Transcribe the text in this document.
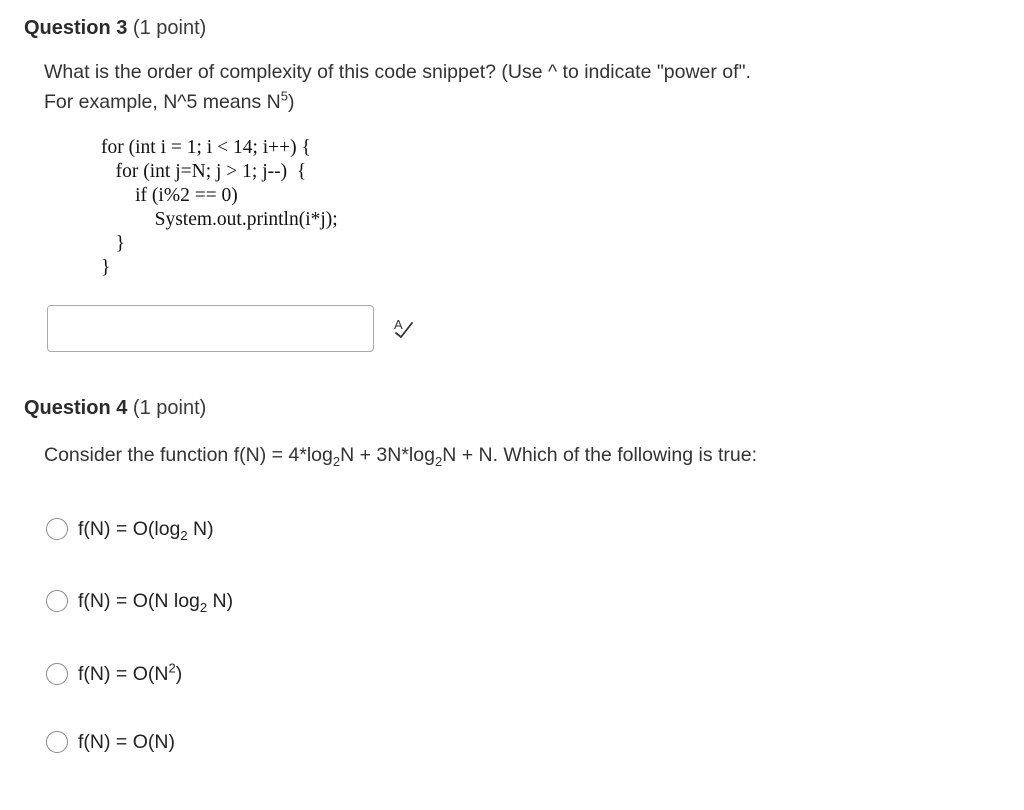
Question 3 (1 point)
What is the order of complexity of this code snippet? (Use ^ to indicate "power of".
For example, N^5 means $N^5$)
for (int i = 1; i < 14; i++) {
for (int j=N; j > 1; j--)  {
if (i%2 == 0)
System.out.println(i*j);
}
}
A
Question 4 (1 point)
Consider the function $f(N) = 4*\log_2N + 3N*\log_2N + N$. Which of the following is true:
$f(N) = O(\log_2$ N)
f(N) = O(N $\log_2 N$)
$f(N) = O(N^2)$
f(N) = O(N)
